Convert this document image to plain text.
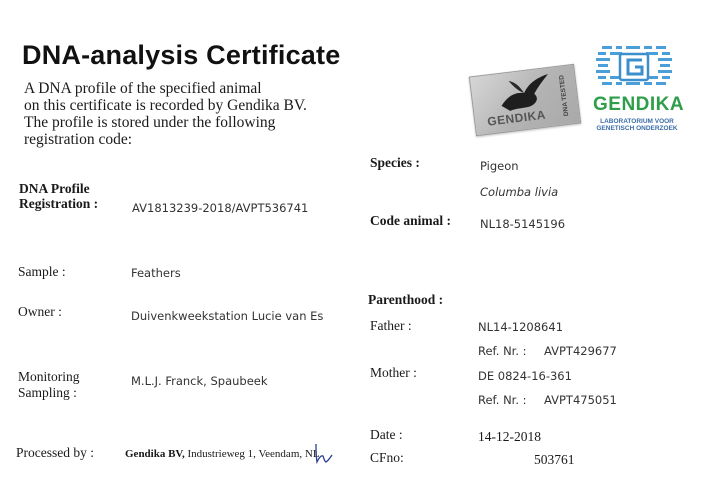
DNA-analysis Certificate
A DNA profile of the specified animal
on this certificate is recorded by Gendika BV.
The profile is stored under the following
registration code:
GENDIKA
DNA TESTED	GENDIKA
LABORATORIUM VOOR GENETISCH ONDERZOEK
DNA Profile
Registration :	AV1813239-2018/AVPT536741
Sample :	Feathers
Owner :	Duivenkweekstation Lucie van Es
Monitoring
Sampling :
M.L.J. Franck, Spaubeek
Processed by :	Gendika BV, Industrieweg 1, Veendam, NL
Species :	Pigeon
Columba livia
Code animal :	NL18-5145196
Parenthood :
Father :	NL14-1208641
Ref. Nr. : AVPT429677
Mother :	DE 0824-16-361
Ref. Nr. : AVPT475051
Date :	14-12-2018
CFno:	503761
